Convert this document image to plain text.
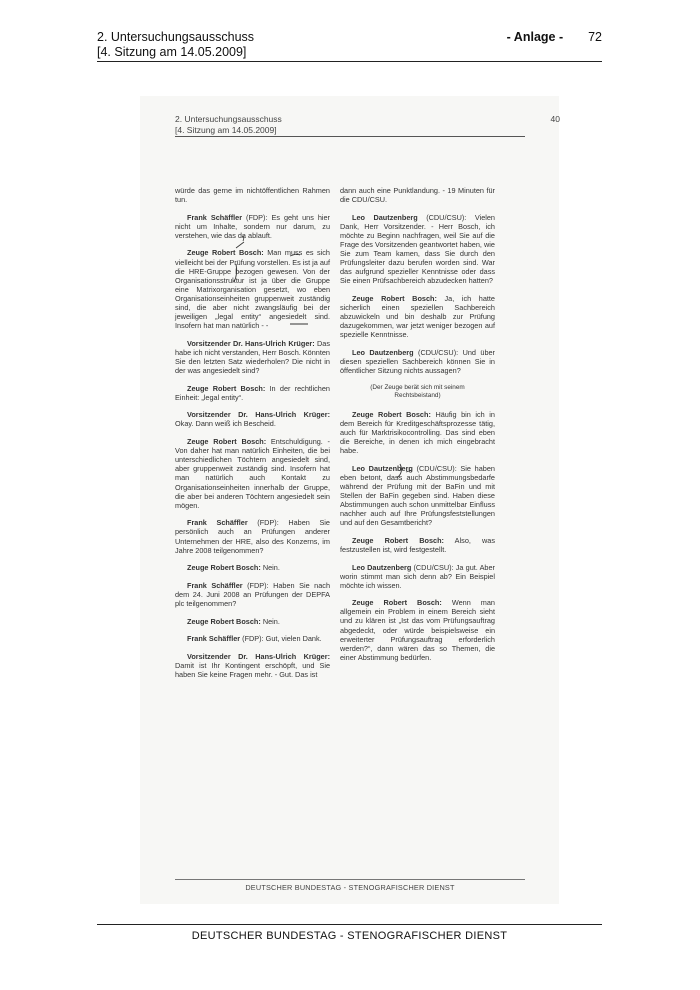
2. Untersuchungsausschuss	- Anlage - 72
[4. Sitzung am 14.05.2009]
2. Untersuchungsausschuss
[4. Sitzung am 14.05.2009]
40

würde das gerne im nichtöffentlichen Rahmen tun.

Frank Schäffler (FDP): Es geht uns hier nicht um Inhalte, sondern nur darum, zu verstehen, wie das da ablauft.

Zeuge Robert Bosch: Man muss es sich vielleicht bei der Prüfung vorstellen. Es ist ja auf die HRE-Gruppe bezogen gewesen. Von der Organisationsstruktur ist ja über die Gruppe eine Matrixorganisation gesetzt, wo eben Organisationseinheiten gruppenweit zuständig sind, die aber nicht zwangsläufig bei der jeweiligen „legal entity“ angesiedelt sind. Insofern hat man natürlich - -

Vorsitzender Dr. Hans-Ulrich Krüger: Das habe ich nicht verstanden, Herr Bosch. Könnten Sie den letzten Satz wiederholen? Die nicht in der was angesiedelt sind?

Zeuge Robert Bosch: In der rechtlichen Einheit: „legal entity“.

Vorsitzender Dr. Hans-Ulrich Krüger: Okay. Dann weiß ich Bescheid.

Zeuge Robert Bosch: Entschuldigung. - Von daher hat man natürlich Einheiten, die bei unterschiedlichen Töchtern angesiedelt sind, aber gruppenweit zuständig sind. Insofern hat man natürlich auch Kontakt zu Organisationseinheiten innerhalb der Gruppe, die aber bei anderen Töchtern angesiedelt sein mögen.

Frank Schäffler (FDP): Haben Sie persönlich auch an Prüfungen anderer Unternehmen der HRE, also des Konzerns, im Jahre 2008 teilgenommen?

Zeuge Robert Bosch: Nein.

Frank Schäffler (FDP): Haben Sie nach dem 24. Juni 2008 an Prüfungen der DEPFA plc teilgenommen?

Zeuge Robert Bosch: Nein.

Frank Schäffler (FDP): Gut, vielen Dank.

Vorsitzender Dr. Hans-Ulrich Krüger: Damit ist Ihr Kontingent erschöpft, und Sie haben Sie keine Fragen mehr. - Gut. Das ist

dann auch eine Punktlandung. - 19 Minuten für die CDU/CSU.

Leo Dautzenberg (CDU/CSU): Vielen Dank, Herr Vorsitzender. - Herr Bosch, ich möchte zu Beginn nachfragen, weil Sie auf die Frage des Vorsitzenden geantwortet haben, wie Sie zum Team kamen, dass Sie durch den Prüfungsleiter dazu berufen worden sind. War das aufgrund spezieller Kenntnisse oder dass Sie einen Prüfsachbereich abzudecken hatten?

Zeuge Robert Bosch: Ja, ich hatte sicherlich einen speziellen Sachbereich abzuwickeln und bin deshalb zur Prüfung dazugekommen, war jetzt weniger bezogen auf spezielle Kenntnisse.

Leo Dautzenberg (CDU/CSU): Und über diesen speziellen Sachbereich können Sie in öffentlicher Sitzung nichts aussagen?

(Der Zeuge berät sich mit seinem Rechtsbeistand)

Zeuge Robert Bosch: Häufig bin ich in dem Bereich für Kreditgeschäftsprozesse tätig, auch für Marktrisikocontrolling. Das sind eben die Bereiche, in denen ich mich eingebracht habe.

Leo Dautzenberg (CDU/CSU): Sie haben eben betont, dass auch Abstimmungsbedarfe während der Prüfung mit der BaFin und mit Stellen der BaFin gegeben sind. Haben diese Abstimmungen auch schon unmittelbar Einfluss nachher auch auf Ihre Prüfungsfeststellungen und auf den Gesamtbericht?

Zeuge Robert Bosch: Also, was festzustellen ist, wird festgestellt.

Leo Dautzenberg (CDU/CSU): Ja gut. Aber worin stimmt man sich denn ab? Ein Beispiel möchte ich wissen.

Zeuge Robert Bosch: Wenn man allgemein ein Problem in einem Bereich sieht und zu klären ist „Ist das vom Prüfungsauftrag abgedeckt, oder würde beispielsweise ein erweiterter Prüfungsauftrag erforderlich werden?“, dann wären das so Themen, die einer Abstimmung bedürfen.

DEUTSCHER BUNDESTAG - STENOGRAFISCHER DIENST
DEUTSCHER BUNDESTAG - STENOGRAFISCHER DIENST
